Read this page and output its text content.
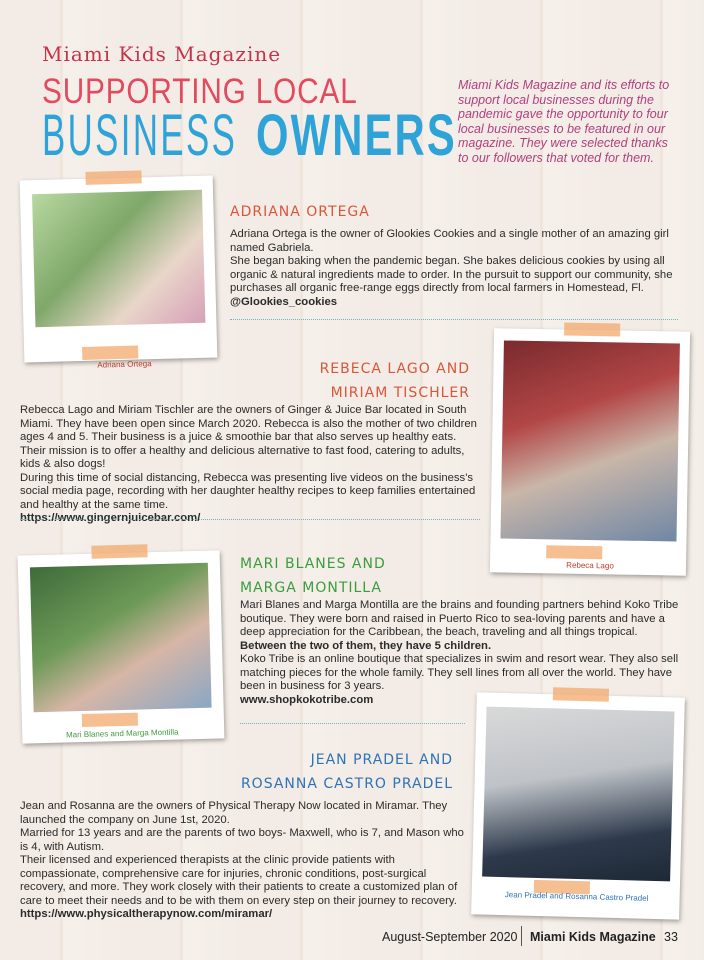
Miami Kids Magazine
SUPPORTING LOCAL
BUSINESS OWNERS
Miami Kids Magazine and its efforts to support local businesses during the pandemic gave the opportunity to four local businesses to be featured in our magazine. They were selected thanks to our followers that voted for them.
Adriana Ortega
ADRIANA ORTEGA
Adriana Ortega is the owner of Glookies Cookies and a single mother of an amazing girl named Gabriela.
She began baking when the pandemic began. She bakes delicious cookies by using all organic & natural ingredients made to order. In the pursuit to support our community, she purchases all organic free-range eggs directly from local farmers in Homestead, Fl.
@Glookies_cookies
Rebeca Lago
REBECA LAGO AND
MIRIAM TISCHLER
Rebecca Lago and Miriam Tischler are the owners of Ginger & Juice Bar located in South Miami. They have been open since March 2020. Rebecca is also the mother of two children ages 4 and 5. Their business is a juice & smoothie bar that also serves up healthy eats. Their mission is to offer a healthy and delicious alternative to fast food, catering to adults, kids & also dogs!
During this time of social distancing, Rebecca was presenting live videos on the business's social media page, recording with her daughter healthy recipes to keep families entertained and healthy at the same time.
https://www.gingernjuicebar.com/
Mari Blanes and Marga Montilla
MARI BLANES AND
MARGA MONTILLA
Mari Blanes and Marga Montilla are the brains and founding partners behind Koko Tribe boutique. They were born and raised in Puerto Rico to sea-loving parents and have a deep appreciation for the Caribbean, the beach, traveling and all things tropical.
Between the two of them, they have 5 children.
Koko Tribe is an online boutique that specializes in swim and resort wear. They also sell matching pieces for the whole family. They sell lines from all over the world. They have been in business for 3 years.
www.shopkokotribe.com
Jean Pradel and Rosanna Castro Pradel
JEAN PRADEL AND
ROSANNA CASTRO PRADEL
Jean and Rosanna are the owners of Physical Therapy Now located in Miramar. They launched the company on June 1st, 2020.
Married for 13 years and are the parents of two boys- Maxwell, who is 7, and Mason who is 4, with Autism.
Their licensed and experienced therapists at the clinic provide patients with compassionate, comprehensive care for injuries, chronic conditions, post-surgical recovery, and more. They work closely with their patients to create a customized plan of care to meet their needs and to be with them on every step on their journey to recovery.
https://www.physicaltherapynow.com/miramar/
August-September 2020 Miami Kids Magazine 33
